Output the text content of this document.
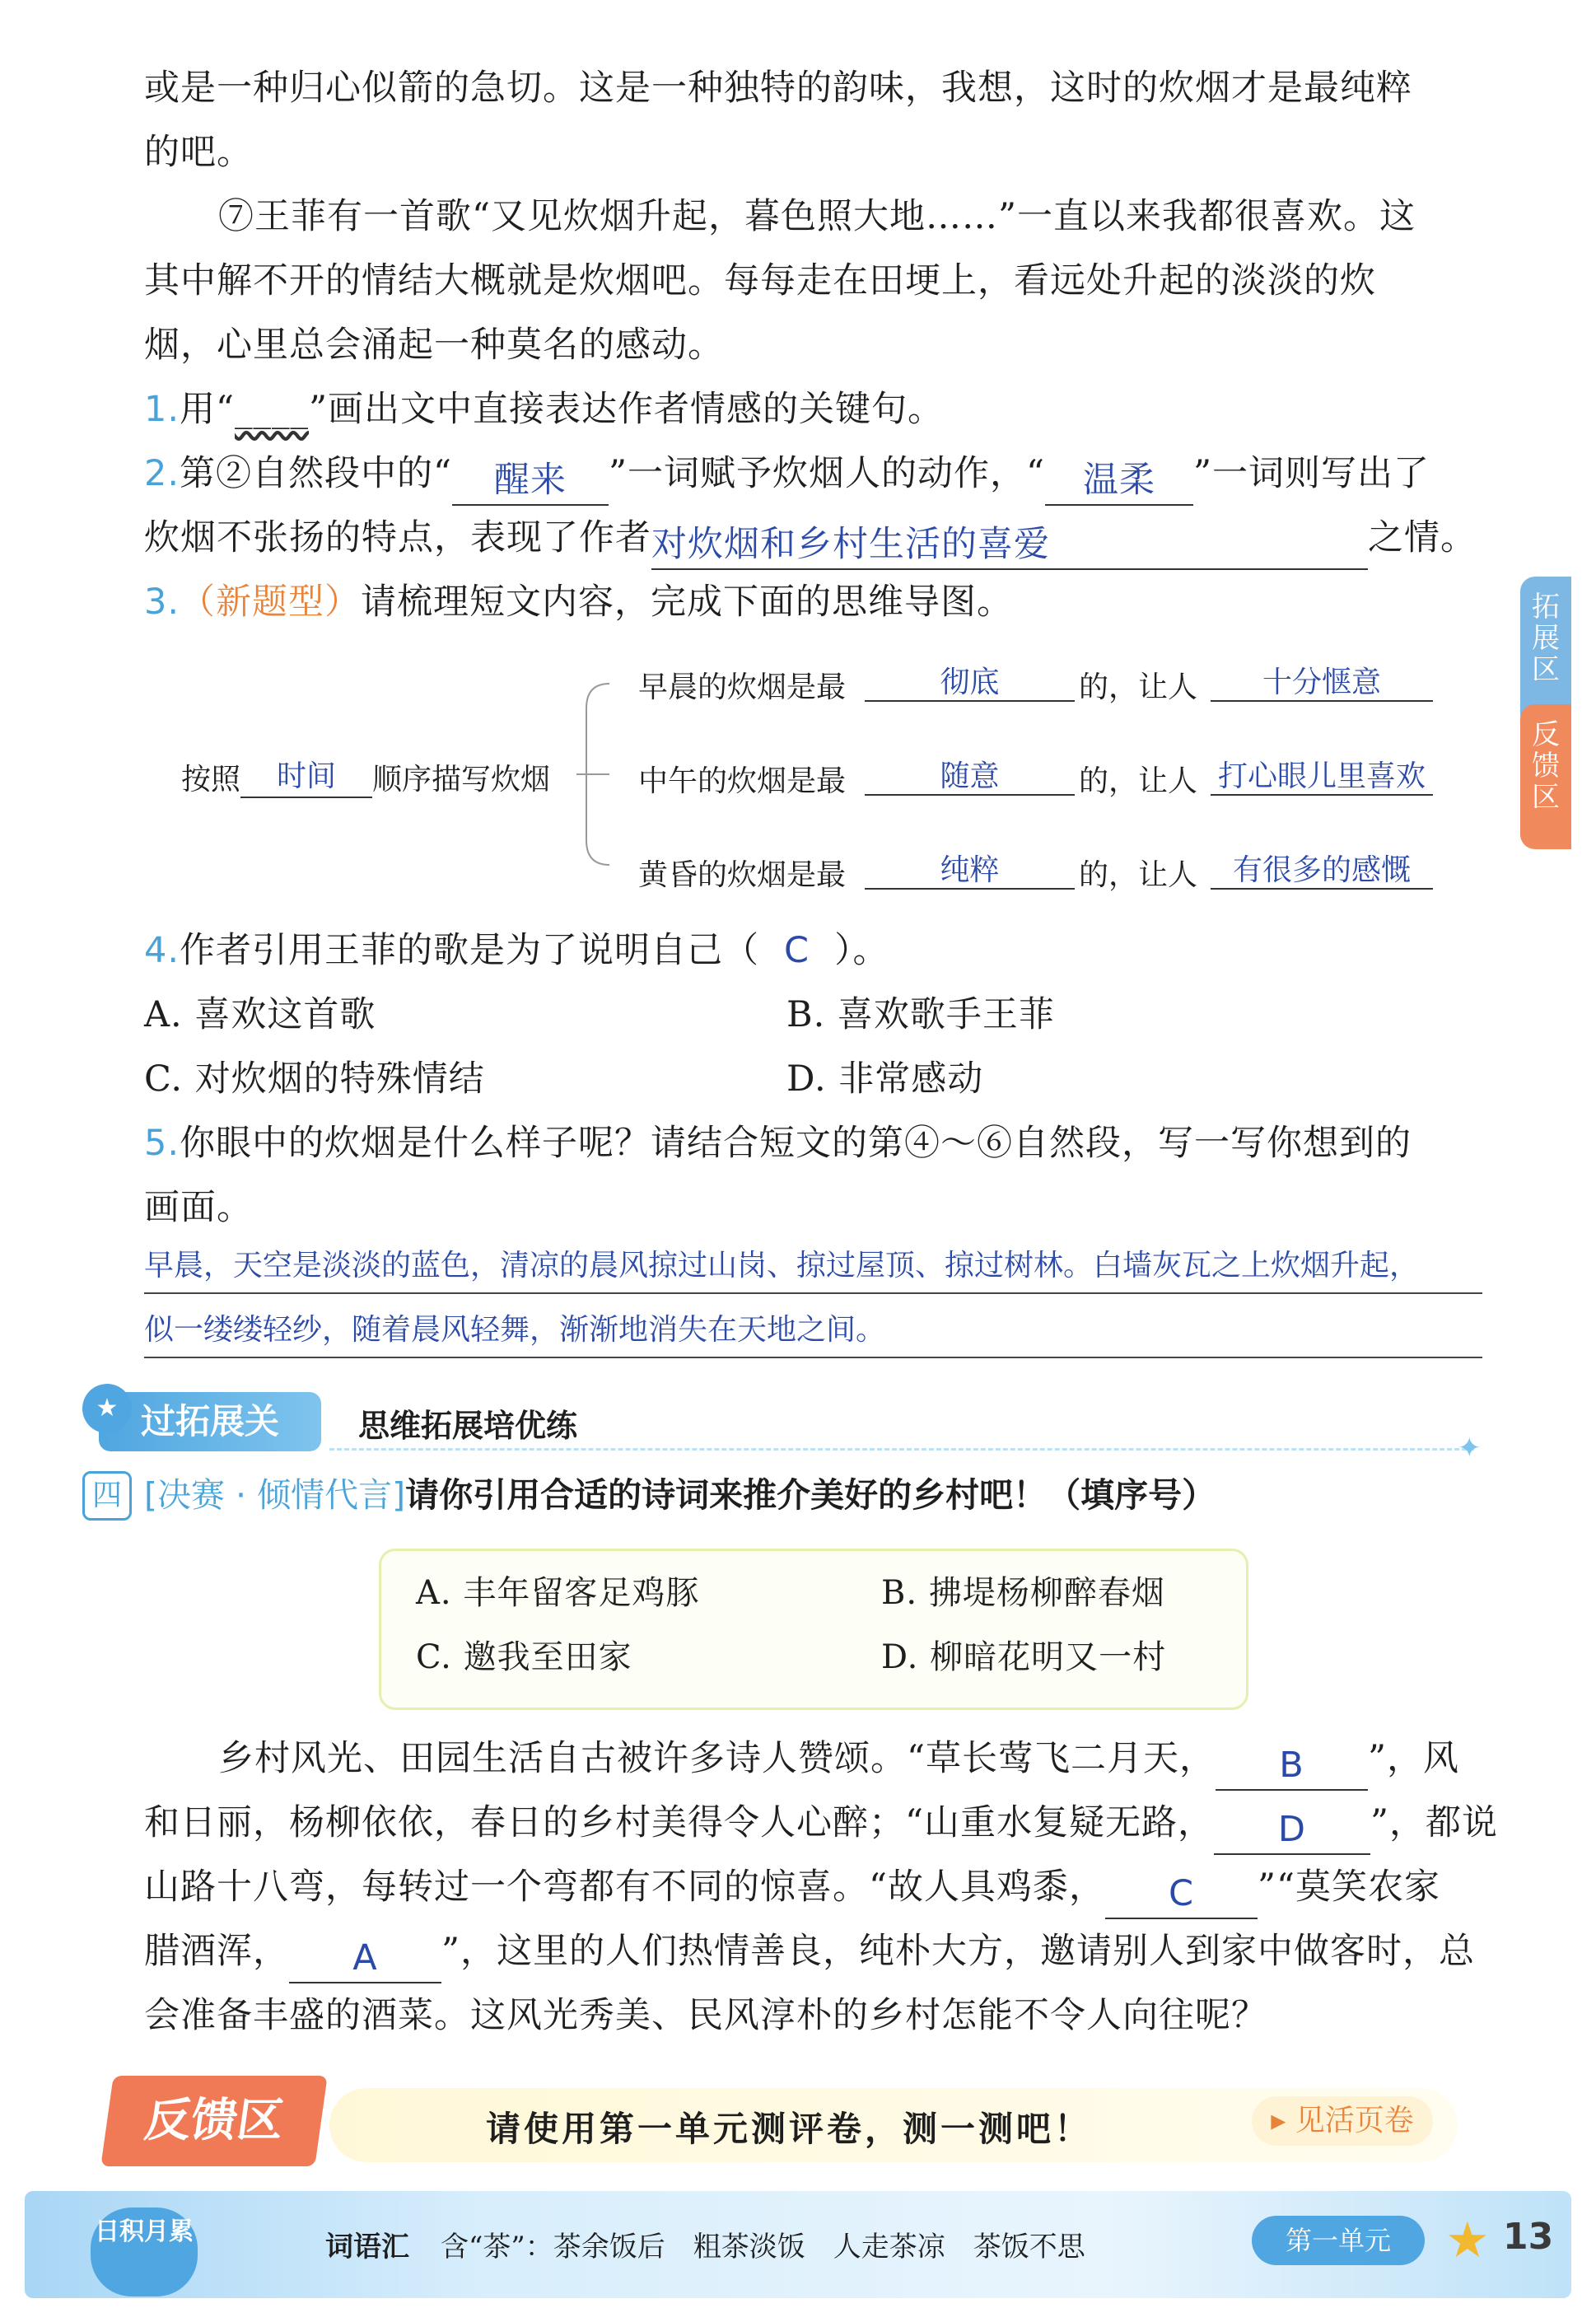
或是一种归心似箭的急切。这是一种独特的韵味，我想，这时的炊烟才是最纯粹
的吧。
⑦王菲有一首歌“又见炊烟升起，暮色照大地……”一直以来我都很喜欢。这
其中解不开的情结大概就是炊烟吧。每每走在田埂上，看远处升起的淡淡的炊
烟，心里总会涌起一种莫名的感动。
1.用“____”画出文中直接表达作者情感的关键句。
2.第②自然段中的“ 醒来 ”一词赋予炊烟人的动作，“ 温柔 ”一词则写出了
炊烟不张扬的特点，表现了作者对炊烟和乡村生活的喜爱	之情。
3.（新题型）请梳理短文内容，完成下面的思维导图。
按照 时间 顺序描写炊烟
早晨的炊烟是最	彻底	的，让人	十分惬意
中午的炊烟是最	随意	的，让人 打心眼儿里喜欢
黄昏的炊烟是最	纯粹	的，让人	有很多的感慨
4.作者引用王菲的歌是为了说明自己（ C ）。
A. 喜欢这首歌	B. 喜欢歌手王菲
C. 对炊烟的特殊情结	D. 非常感动
5.你眼中的炊烟是什么样子呢？请结合短文的第④～⑥自然段，写一写你想到的
画面。
早晨，天空是淡淡的蓝色，清凉的晨风掠过山岗、掠过屋顶、掠过树林。白墙灰瓦之上炊烟升起，
似一缕缕轻纱，随着晨风轻舞，渐渐地消失在天地之间。
过拓展关
★	思维拓展培优练
✦
四 [决赛 · 倾情代言]请你引用合适的诗词来推介美好的乡村吧！（填序号）
A. 丰年留客足鸡豚	B. 拂堤杨柳醉春烟
C. 邀我至田家	D. 柳暗花明又一村
乡村风光、田园生活自古被许多诗人赞颂。“草长莺飞二月天， B ”，风
和日丽，杨柳依依，春日的乡村美得令人心醉；“山重水复疑无路， D ”，都说
山路十八弯，每转过一个弯都有不同的惊喜。“故人具鸡黍， C ”“莫笑农家
腊酒浑， A ”，这里的人们热情善良，纯朴大方，邀请别人到家中做客时，总
会准备丰盛的酒菜。这风光秀美、民风淳朴的乡村怎能不令人向往呢？
拓展区
反馈区
反馈区	请使用第一单元测评卷，测一测吧！	▸ 见活页卷
日积月累	词语汇 含“茶”：茶余饭后　粗茶淡饭　人走茶凉　茶饭不思	第一单元	★ 13
